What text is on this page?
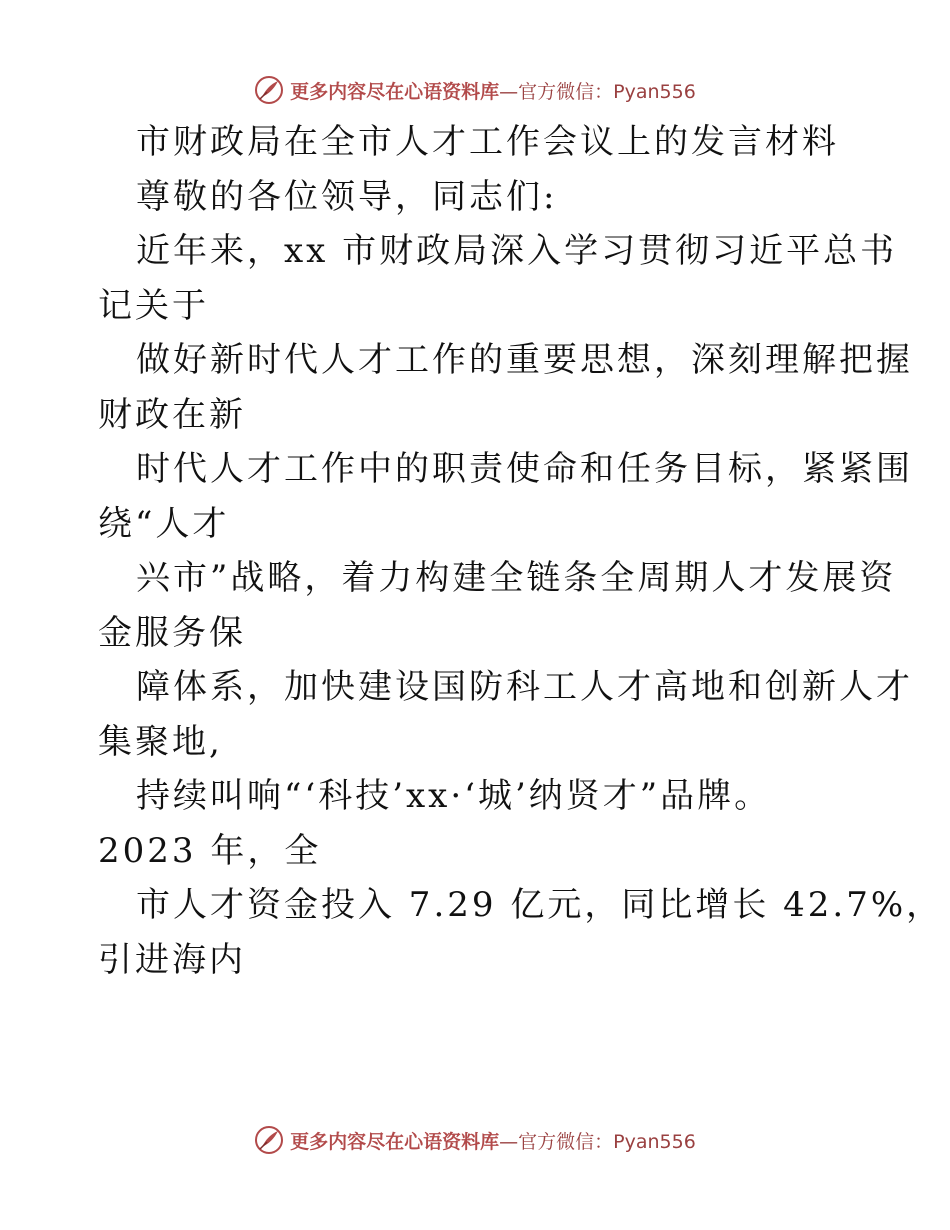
更多内容尽在心语资料库—官方微信：Pyan556
市财政局在全市人才工作会议上的发言材料
尊敬的各位领导，同志们:
近年来，xx 市财政局深入学习贯彻习近平总书
记关于
做好新时代人才工作的重要思想，深刻理解把握
财政在新
时代人才工作中的职责使命和任务目标，紧紧围
绕“人才
兴市”战略，着力构建全链条全周期人才发展资
金服务保
障体系，加快建设国防科工人才高地和创新人才
集聚地,
持续叫响“‘科技’xx·‘城’纳贤才”品牌。
2023 年，全
市人才资金投入 7.29 亿元，同比增长 42.7%，
引进海内
更多内容尽在心语资料库—官方微信：Pyan556
